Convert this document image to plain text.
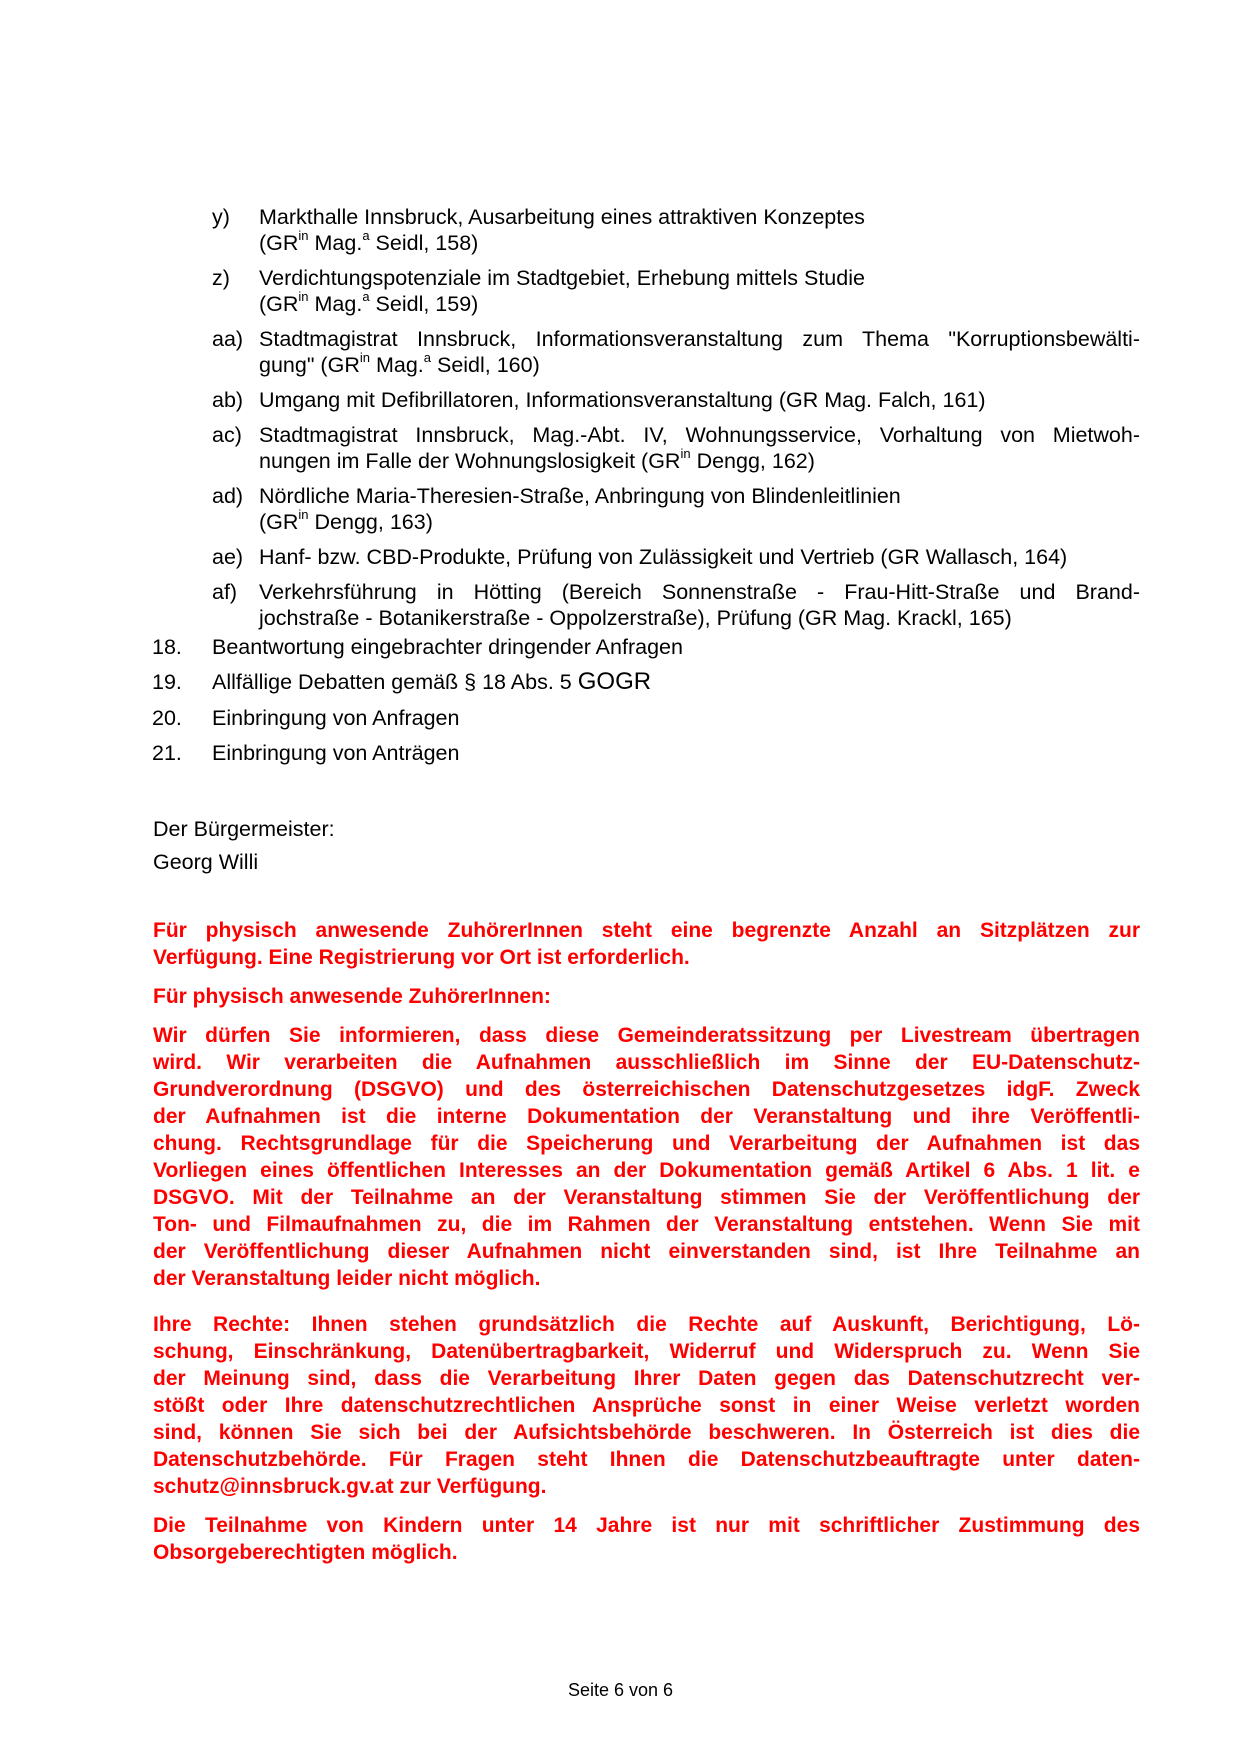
y) Markthalle Innsbruck, Ausarbeitung eines attraktiven Konzeptes
($GR^{in}$ Mag.$^a$ Seidl, 158)
z) Verdichtungspotenziale im Stadtgebiet, Erhebung mittels Studie
($GR^{in}$ Mag.$^a$ Seidl, 159)
aa) Stadtmagistrat Innsbruck, Informationsveranstaltung zum Thema "Korruptionsbewälti-
gung" ($GR^{in}$ Mag.$^a$ Seidl, 160)
ab) Umgang mit Defibrillatoren, Informationsveranstaltung (GR Mag. Falch, 161)
ac) Stadtmagistrat Innsbruck, Mag.-Abt. IV, Wohnungsservice, Vorhaltung von Mietwoh-
nungen im Falle der Wohnungslosigkeit ($GR^{in}$ Dengg, 162)
ad) Nördliche Maria-Theresien-Straße, Anbringung von Blindenleitlinien
($GR^{in}$ Dengg, 163)
ae) Hanf- bzw. CBD-Produkte, Prüfung von Zulässigkeit und Vertrieb (GR Wallasch, 164)
af) Verkehrsführung in Hötting (Bereich Sonnenstraße - Frau-Hitt-Straße und Brand-
jochstraße - Botanikerstraße - Oppolzerstraße), Prüfung (GR Mag. Krackl, 165)
18. Beantwortung eingebrachter dringender Anfragen
19. Allfällige Debatten gemäß § 18 Abs. 5 GOGR
20. Einbringung von Anfragen
21. Einbringung von Anträgen
Der Bürgermeister:
Georg Willi
Für physisch anwesende ZuhörerInnen steht eine begrenzte Anzahl an Sitzplätzen zur
Verfügung. Eine Registrierung vor Ort ist erforderlich.
Für physisch anwesende ZuhörerInnen:
Wir dürfen Sie informieren, dass diese Gemeinderatssitzung per Livestream übertragen
wird. Wir verarbeiten die Aufnahmen ausschließlich im Sinne der EU-Datenschutz-
Grundverordnung (DSGVO) und des österreichischen Datenschutzgesetzes idgF. Zweck
der Aufnahmen ist die interne Dokumentation der Veranstaltung und ihre Veröffentli-
chung. Rechtsgrundlage für die Speicherung und Verarbeitung der Aufnahmen ist das
Vorliegen eines öffentlichen Interesses an der Dokumentation gemäß Artikel 6 Abs. 1 lit. e
DSGVO. Mit der Teilnahme an der Veranstaltung stimmen Sie der Veröffentlichung der
Ton- und Filmaufnahmen zu, die im Rahmen der Veranstaltung entstehen. Wenn Sie mit
der Veröffentlichung dieser Aufnahmen nicht einverstanden sind, ist Ihre Teilnahme an
der Veranstaltung leider nicht möglich.
Ihre Rechte: Ihnen stehen grundsätzlich die Rechte auf Auskunft, Berichtigung, Lö-
schung, Einschränkung, Datenübertragbarkeit, Widerruf und Widerspruch zu. Wenn Sie
der Meinung sind, dass die Verarbeitung Ihrer Daten gegen das Datenschutzrecht ver-
stößt oder Ihre datenschutzrechtlichen Ansprüche sonst in einer Weise verletzt worden
sind, können Sie sich bei der Aufsichtsbehörde beschweren. In Österreich ist dies die
Datenschutzbehörde. Für Fragen steht Ihnen die Datenschutzbeauftragte unter daten-
schutz@innsbruck.gv.at zur Verfügung.
Die Teilnahme von Kindern unter 14 Jahre ist nur mit schriftlicher Zustimmung des
Obsorgeberechtigten möglich.
Seite 6 von 6
